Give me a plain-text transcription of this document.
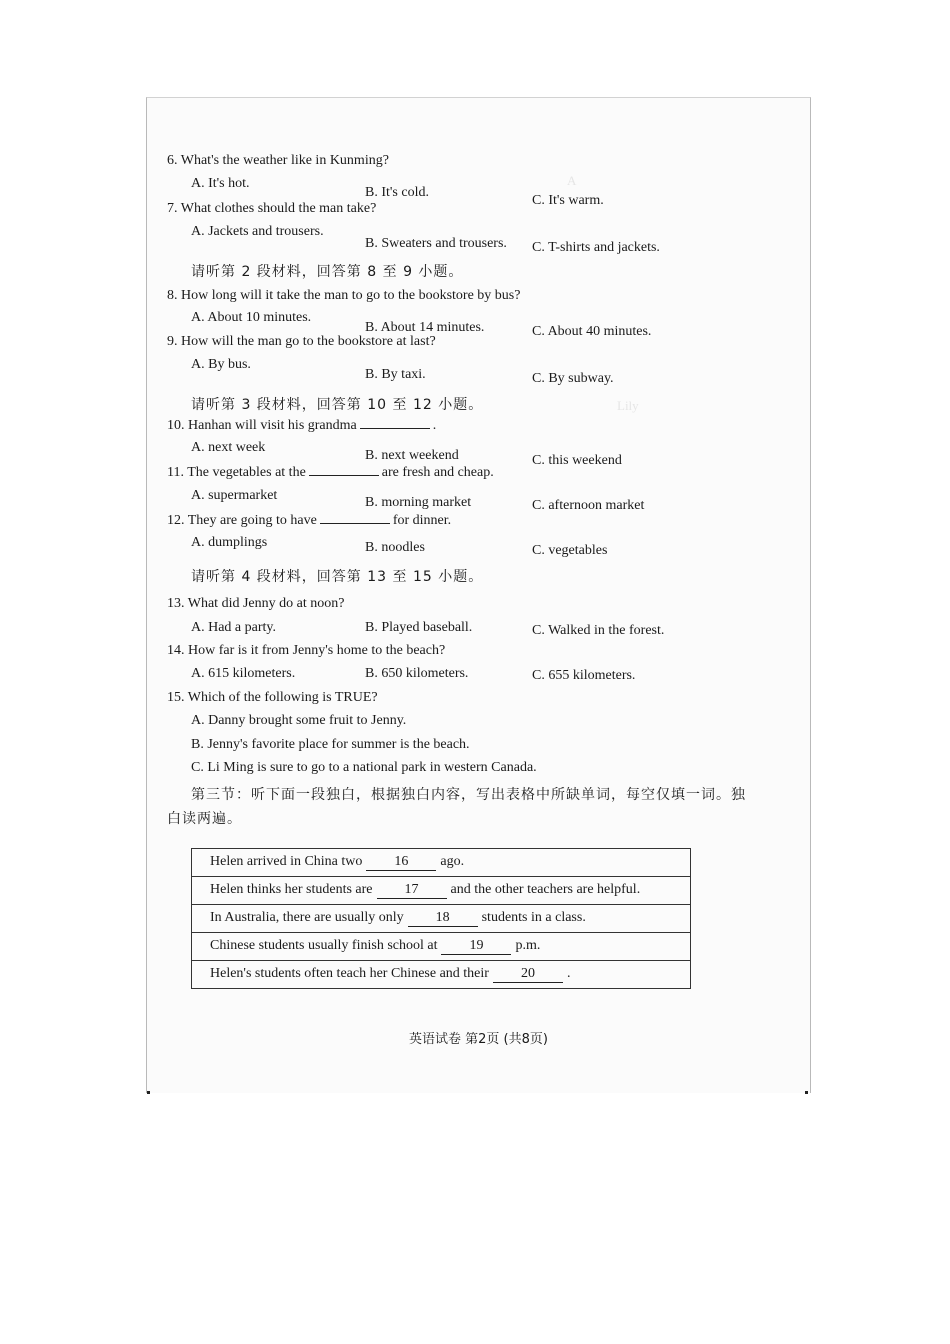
A
Lily
6. What's the weather like in Kunming?
A. It's hot.
B. It's cold.
C. It's warm.
7. What clothes should the man take?
A. Jackets and trousers.
B. Sweaters and trousers. C. T-shirts and jackets.
请听第 2 段材料，回答第 8 至 9 小题。
8. How long will it take the man to go to the bookstore by bus?
A. About 10 minutes.
B. About 14 minutes.	C. About 40 minutes.
9. How will the man go to the bookstore at last?
A. By bus.
B. By taxi.	C. By subway.
请听第 3 段材料，回答第 10 至 12 小题。
10. Hanhan will visit his grandma	.
A. next week
B. next weekend	C. this weekend
11. The vegetables at the	are fresh and cheap.
A. supermarket	B. morning market	C. afternoon market
12. They are going to have	for dinner.
A. dumplings	B. noodles	C. vegetables
请听第 4 段材料，回答第 13 至 15 小题。
13. What did Jenny do at noon?
A. Had a party.	B. Played baseball.	C. Walked in the forest.
14. How far is it from Jenny's home to the beach?
A. 615 kilometers.	B. 650 kilometers.	C. 655 kilometers.
15. Which of the following is TRUE?
A. Danny brought some fruit to Jenny.
B. Jenny's favorite place for summer is the beach.
C. Li Ming is sure to go to a national park in western Canada.
第三节：听下面一段独白，根据独白内容，写出表格中所缺单词，每空仅填一词。独
白读两遍。
Helen arrived in China two 16 ago.
Helen thinks her students are 17 and the other teachers are helpful.
In Australia, there are usually only 18 students in a class.
Chinese students usually finish school at 19 p.m.
Helen's students often teach her Chinese and their 20 .
英语试卷 第2页 (共8页)
